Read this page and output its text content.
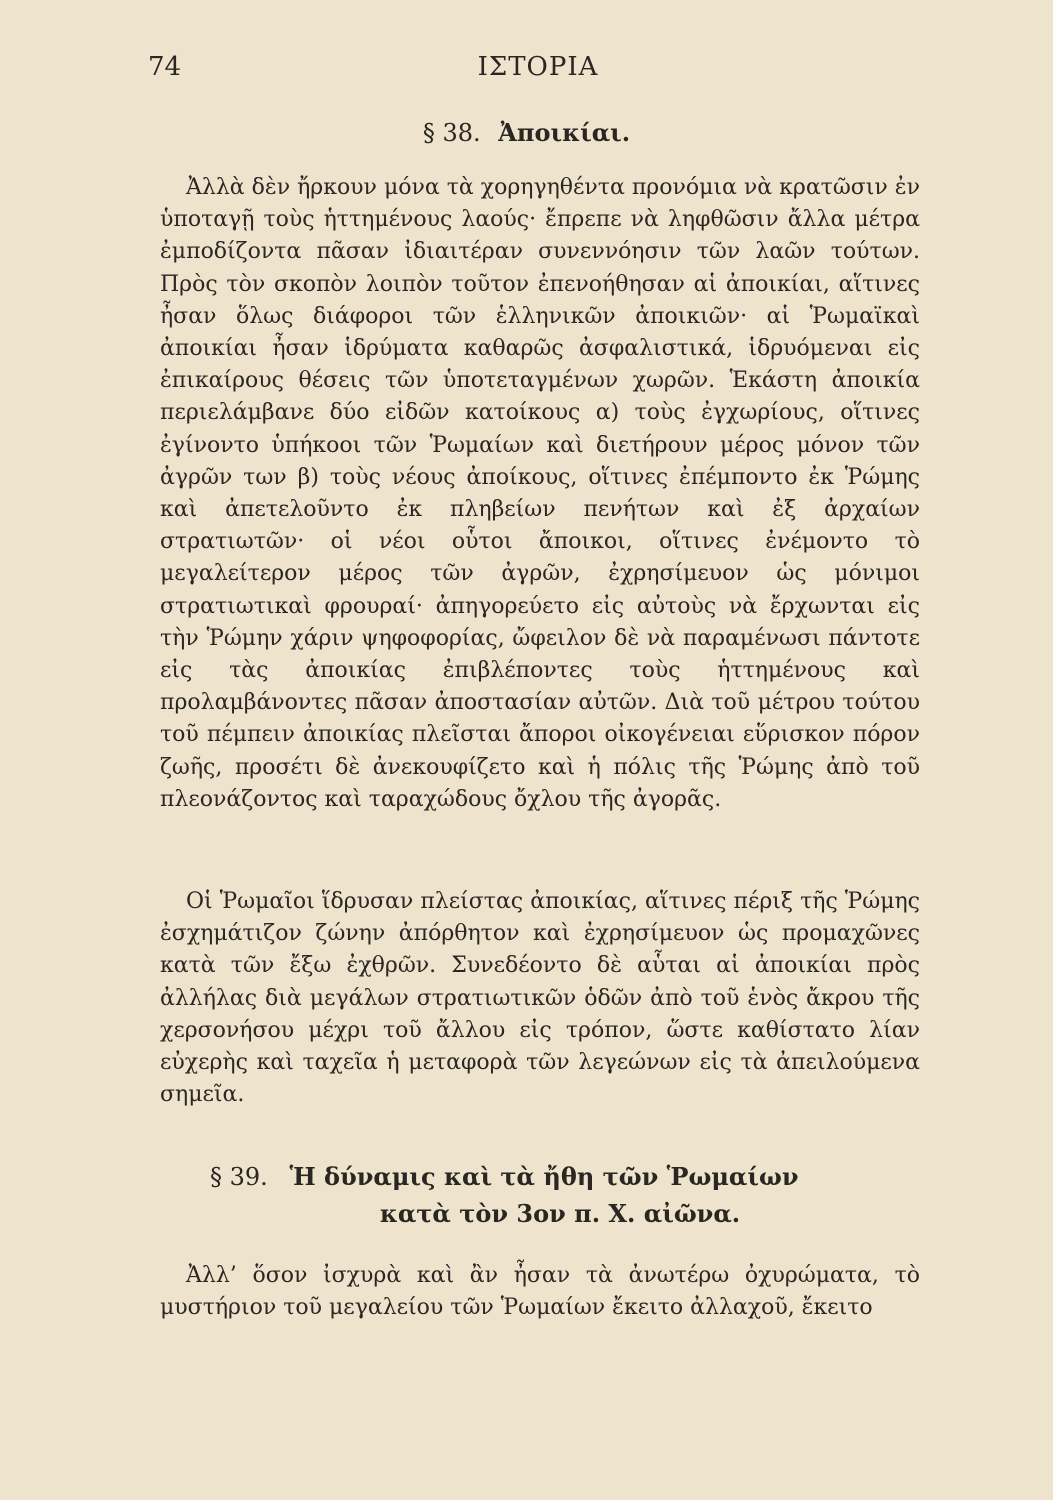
74	ΙΣΤΟΡΙΑ
§ 38. Ἀποικίαι.

Ἀλλὰ δὲν ἤρκουν μόνα τὰ χορηγηθέντα προνόμια νὰ κρατῶσιν ἐν ὑποταγῇ τοὺς ἡττημένους λαούς· ἔπρεπε νὰ ληφθῶσιν ἄλλα μέτρα ἐμποδίζοντα πᾶσαν ἰδιαιτέραν συνεννόησιν τῶν λαῶν τούτων. Πρὸς τὸν σκοπὸν λοιπὸν τοῦτον ἐπενοήθησαν αἱ ἀποικίαι, αἵτινες ἦσαν ὅλως διάφοροι τῶν ἑλληνικῶν ἀποικιῶν· αἱ Ῥωμαϊκαὶ ἀποικίαι ἦσαν ἱδρύματα καθαρῶς ἀσφαλιστικά, ἱδρυόμεναι εἰς ἐπικαίρους θέσεις τῶν ὑποτεταγμένων χωρῶν. Ἑκάστη ἀποικία περιελάμβανε δύο εἰδῶν κατοίκους α) τοὺς ἐγχωρίους, οἵτινες ἐγίνοντο ὑπήκοοι τῶν Ῥωμαίων καὶ διετήρουν μέρος μόνον τῶν ἀγρῶν των β) τοὺς νέους ἀποίκους, οἵτινες ἐπέμποντο ἐκ Ῥώμης καὶ ἀπετελοῦντο ἐκ πληβείων πενήτων καὶ ἐξ ἀρχαίων στρατιωτῶν· οἱ νέοι οὗτοι ἄποικοι, οἵτινες ἐνέμοντο τὸ μεγαλείτερον μέρος τῶν ἀγρῶν, ἐχρησίμευον ὡς μόνιμοι στρατιωτικαὶ φρουραί· ἀπηγορεύετο εἰς αὐτοὺς νὰ ἔρχωνται εἰς τὴν Ῥώμην χάριν ψηφοφορίας, ὤφειλον δὲ νὰ παραμένωσι πάντοτε εἰς τὰς ἀποικίας ἐπιβλέποντες τοὺς ἡττημένους καὶ προλαμβάνοντες πᾶσαν ἀποστασίαν αὐτῶν. Διὰ τοῦ μέτρου τούτου τοῦ πέμπειν ἀποικίας πλεῖσται ἄποροι οἰκογένειαι εὕρισκον πόρον ζωῆς, προσέτι δὲ ἀνεκουφίζετο καὶ ἡ πόλις τῆς Ῥώμης ἀπὸ τοῦ πλεονάζοντος καὶ ταραχώδους ὄχλου τῆς ἀγορᾶς.

Οἱ Ῥωμαῖοι ἵδρυσαν πλείστας ἀποικίας, αἵτινες πέριξ τῆς Ῥώμης ἐσχημάτιζον ζώνην ἀπόρθητον καὶ ἐχρησίμευον ὡς προμαχῶνες κατὰ τῶν ἔξω ἐχθρῶν. Συνεδέοντο δὲ αὗται αἱ ἀποικίαι πρὸς ἀλλήλας διὰ μεγάλων στρατιωτικῶν ὁδῶν ἀπὸ τοῦ ἑνὸς ἄκρου τῆς χερσονήσου μέχρι τοῦ ἄλλου εἰς τρόπον, ὥστε καθίστατο λίαν εὐχερὴς καὶ ταχεῖα ἡ μεταφορὰ τῶν λεγεώνων εἰς τὰ ἀπειλούμενα σημεῖα.

§ 39. Ἡ δύναμις καὶ τὰ ἤθη τῶν Ῥωμαίων
κατὰ τὸν 3ον π. Χ. αἰῶνα.

Ἀλλ’ ὅσον ἰσχυρὰ καὶ ἂν ἦσαν τὰ ἀνωτέρω ὀχυρώματα, τὸ μυστήριον τοῦ μεγαλείου τῶν Ῥωμαίων ἔκειτο ἀλλαχοῦ, ἔκειτο
